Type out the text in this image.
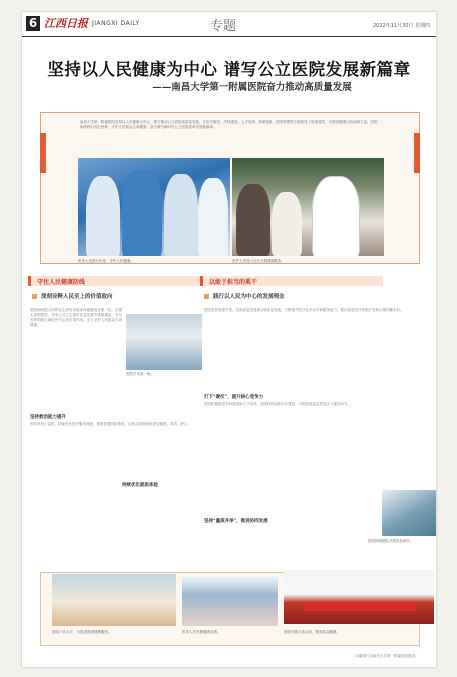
6 江西日报 JIANGXI DAILY	专题	2022年11月30日 星期四
坚持以人民健康为中心 谱写公立医院发展新篇章
——南昌大学第一附属医院奋力推动高质量发展
南昌大学第一附属医院坚持以人民健康为中心，着力推动公立医院高质量发展，在医疗服务、学科建设、人才培养、科研创新、医院管理等方面取得了显著成效，为建设健康江西贡献力量。医院始终践行初心使命，守护人民群众生命健康，奋力谱写新时代公立医院改革发展新篇章。
医务人员逆行出征，守护人民健康。	医护人员深入社区开展健康服务。
守住人民健康防线
深刻诠释人民至上的价值取向
医院始终把人民群众生命安全和身体健康放在第一位，在重大疫情防控、突发公共卫生事件应急处置中勇挑重担，充分发挥国家区域医疗中心的引领作用，全力守护人民群众生命健康。
医院手术室一角。
坚持救治能力提升
医院坚持公益性，持续优化医疗服务流程，推进智慧医院建设，让群众看病就医更加便捷、高效、舒心。
持续优化就医体验
以敢于担当的奚干
践行以人民为中心的发展理念
医院坚持党建引领，以高质量党建推动高质量发展，不断提升医疗技术水平和服务能力，推动优质医疗资源扩容和区域均衡布局。
打下“硬仗”，提升核心竞争力
医院积极推进学科建设和人才培养，加强科研创新平台建设，为医院高质量发展注入强劲动力。
坚持“量质并举”，推进协同发展
医院科研团队开展实验研究。
医院门诊大厅，为患者提供便捷服务。	医务人员开展健康宣教。	医院开展义诊活动，服务群众健康。
（本版图片由南昌大学第一附属医院提供）
